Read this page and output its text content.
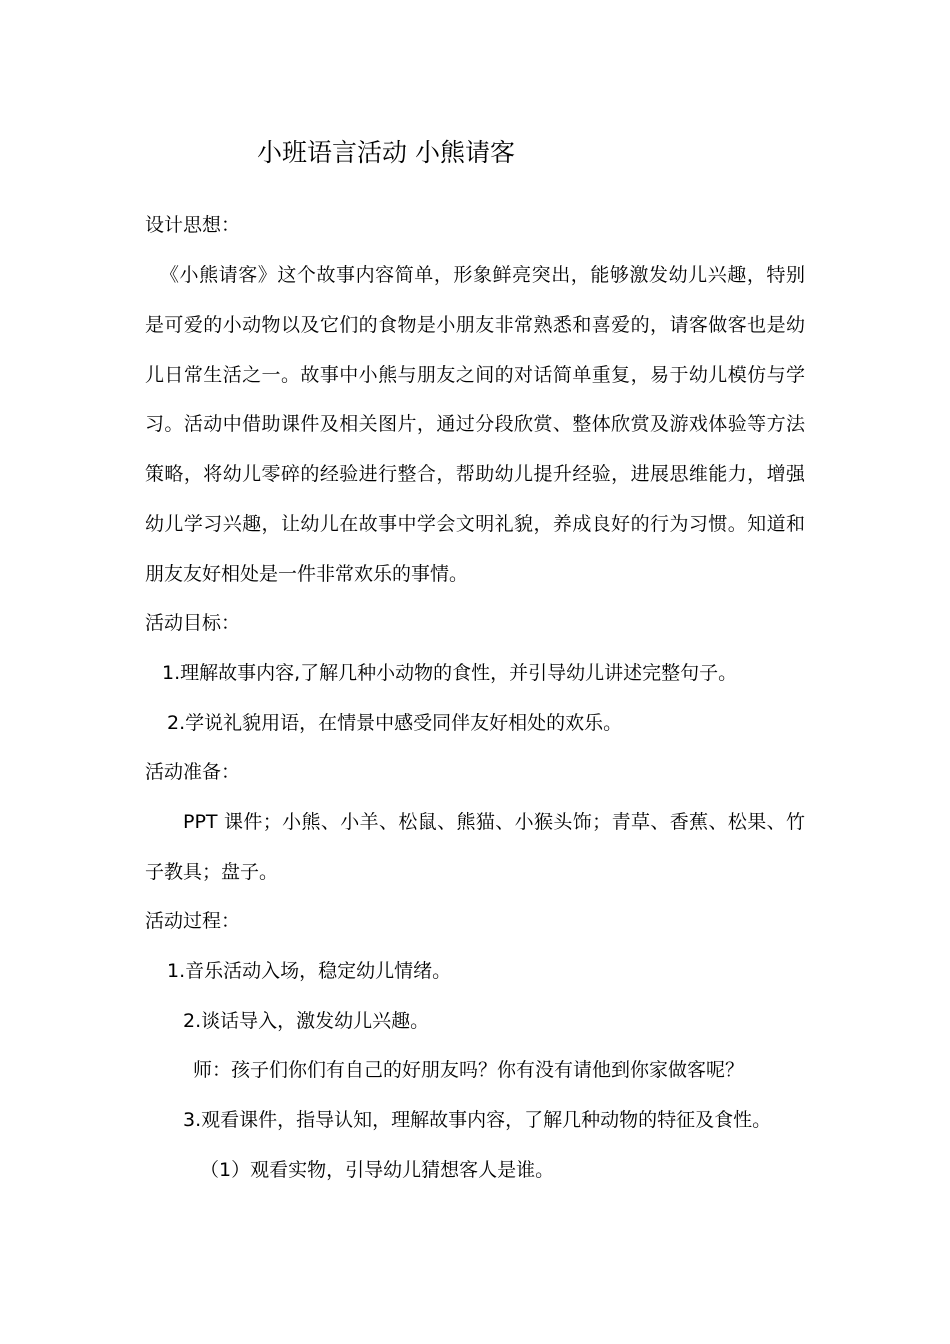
小班语言活动 小熊请客
设计思想：
《小熊请客》这个故事内容简单，形象鲜亮突出，能够激发幼儿兴趣，特别
是可爱的小动物以及它们的食物是小朋友非常熟悉和喜爱的，请客做客也是幼
儿日常生活之一。故事中小熊与朋友之间的对话简单重复，易于幼儿模仿与学
习。活动中借助课件及相关图片，通过分段欣赏、整体欣赏及游戏体验等方法
策略，将幼儿零碎的经验进行整合，帮助幼儿提升经验，进展思维能力，增强
幼儿学习兴趣，让幼儿在故事中学会文明礼貌，养成良好的行为习惯。知道和
朋友友好相处是一件非常欢乐的事情。
活动目标：
1.理解故事内容,了解几种小动物的食性，并引导幼儿讲述完整句子。
2.学说礼貌用语，在情景中感受同伴友好相处的欢乐。
活动准备：
PPT 课件；小熊、小羊、松鼠、熊猫、小猴头饰；青草、香蕉、松果、竹
子教具；盘子。
活动过程：
1.音乐活动入场，稳定幼儿情绪。
2.谈话导入，激发幼儿兴趣。
师：孩子们你们有自己的好朋友吗？你有没有请他到你家做客呢？
3.观看课件，指导认知，理解故事内容，了解几种动物的特征及食性。
（1）观看实物，引导幼儿猜想客人是谁。
